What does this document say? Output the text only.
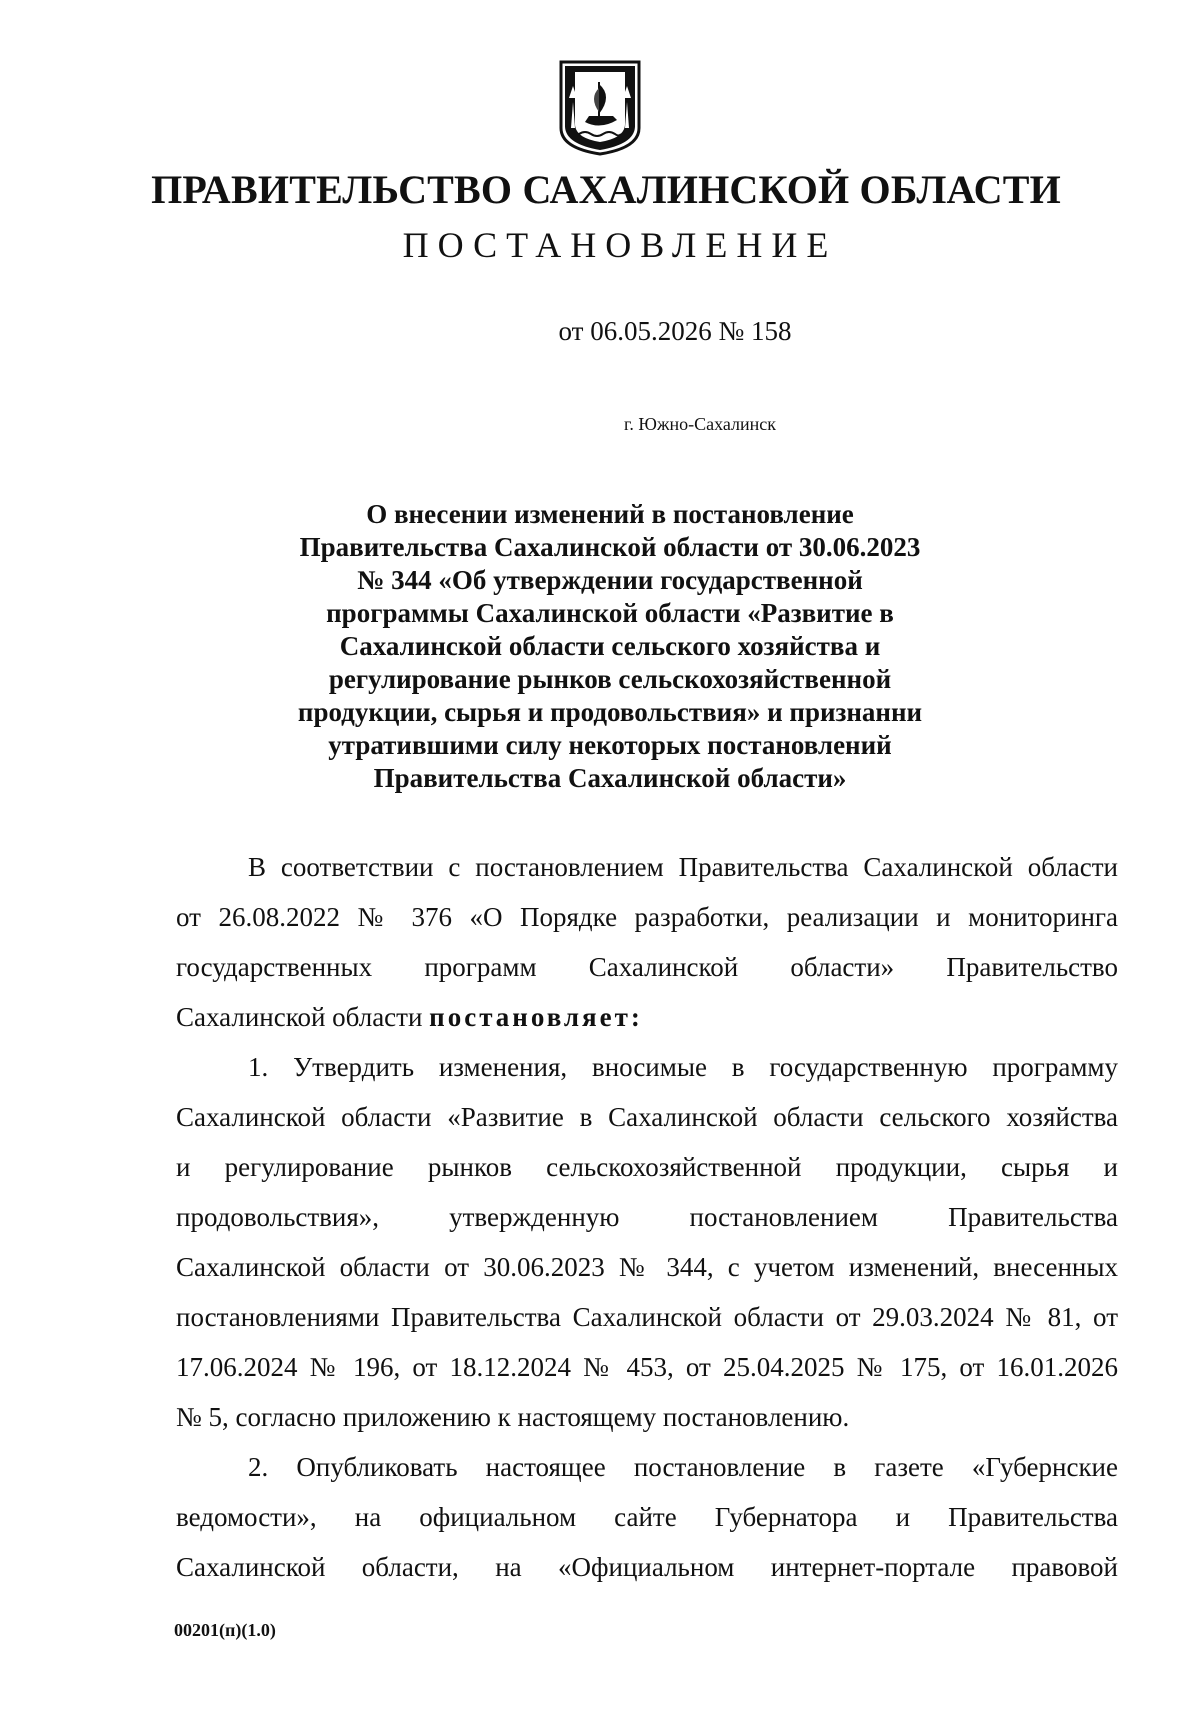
ПРАВИТЕЛЬСТВО САХАЛИНСКОЙ ОБЛАСТИ
ПОСТАНОВЛЕНИЕ
от 06.05.2026 № 158
г. Южно-Сахалинск
О внесении изменений в постановление
Правительства Сахалинской области от 30.06.2023
№ 344 «Об утверждении государственной
программы Сахалинской области «Развитие в
Сахалинской области сельского хозяйства и
регулирование рынков сельскохозяйственной
продукции, сырья и продовольствия» и признанни
утратившими силу некоторых постановлений
Правительства Сахалинской области»
В соответствии с постановлением Правительства Сахалинской области
от 26.08.2022 № 376 «О Порядке разработки, реализации и мониторинга
государственных программ Сахалинской области» Правительство
Сахалинской области постановляет:
1. Утвердить изменения, вносимые в государственную программу
Сахалинской области «Развитие в Сахалинской области сельского хозяйства
и регулирование рынков сельскохозяйственной продукции, сырья и
продовольствия», утвержденную постановлением Правительства
Сахалинской области от 30.06.2023 № 344, с учетом изменений, внесенных
постановлениями Правительства Сахалинской области от 29.03.2024 № 81, от
17.06.2024 № 196, от 18.12.2024 № 453, от 25.04.2025 № 175, от 16.01.2026
№ 5, согласно приложению к настоящему постановлению.
2. Опубликовать настоящее постановление в газете «Губернские
ведомости», на официальном сайте Губернатора и Правительства
Сахалинской области, на «Официальном интернет-портале правовой
00201(п)(1.0)
